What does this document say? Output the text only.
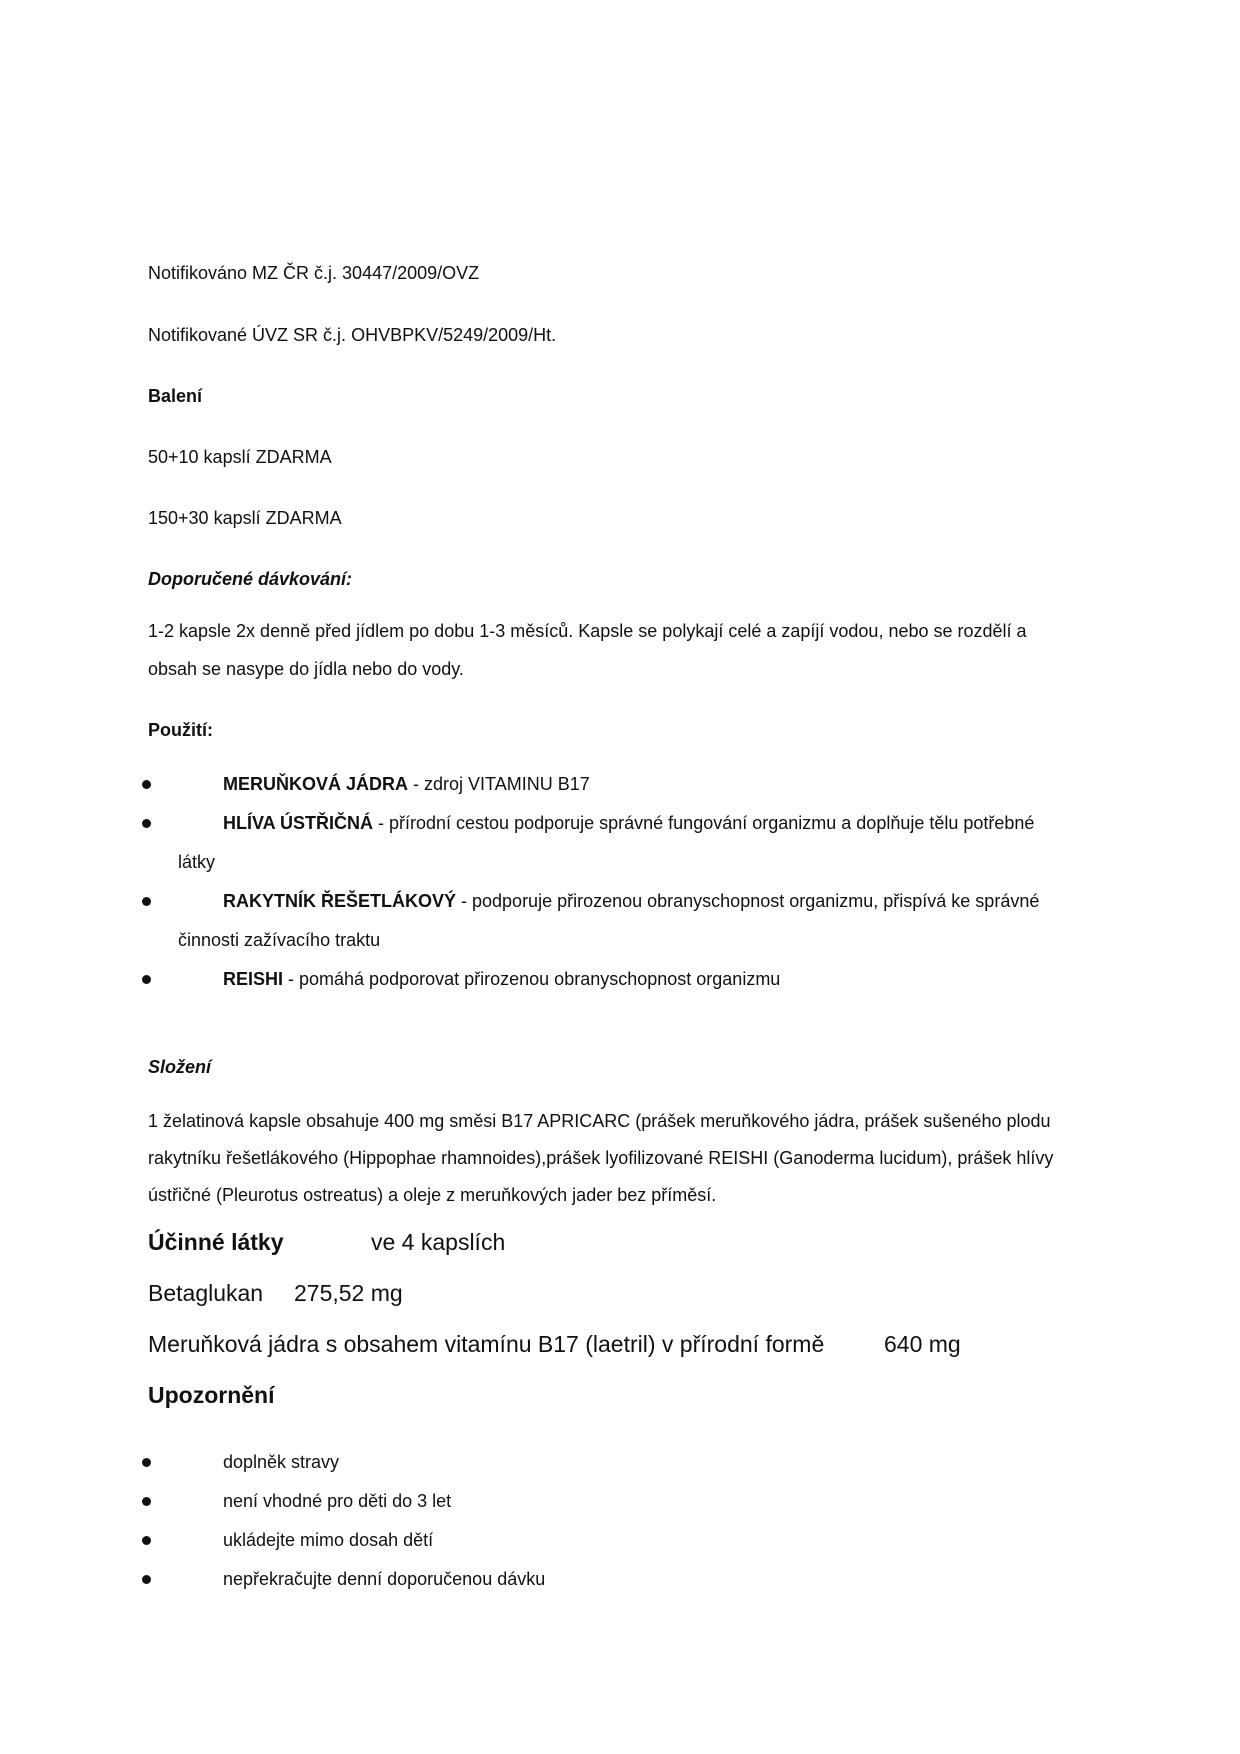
Notifikováno MZ ČR č.j. 30447/2009/OVZ
Notifikované ÚVZ SR č.j. OHVBPKV/5249/2009/Ht.
Balení
50+10 kapslí ZDARMA
150+30 kapslí ZDARMA
Doporučené dávkování:
1-2 kapsle 2x denně před jídlem po dobu 1-3 měsíců. Kapsle se polykají celé a zapíjí vodou, nebo se rozdělí a
obsah se nasype do jídla nebo do vody.
Použití:
MERUŇKOVÁ JÁDRA - zdroj VITAMINU B17
HLÍVA ÚSTŘIČNÁ - přírodní cestou podporuje správné fungování organizmu a doplňuje tělu potřebné
látky
RAKYTNÍK ŘEŠETLÁKOVÝ - podporuje přirozenou obranyschopnost organizmu, přispívá ke správné
činnosti zažívacího traktu
REISHI - pomáhá podporovat přirozenou obranyschopnost organizmu
Složení
1 želatinová kapsle obsahuje 400 mg směsi B17 APRICARC (prášek meruňkového jádra, prášek sušeného plodu
rakytníku řešetlákového (Hippophae rhamnoides),prášek lyofilizované REISHI (Ganoderma lucidum), prášek hlívy
ústřičné (Pleurotus ostreatus) a oleje z meruňkových jader bez příměsí.
Účinné látky	ve 4 kapslích
Betaglukan 275,52 mg
Meruňková jádra s obsahem vitamínu B17 (laetril) v přírodní formě	640 mg
Upozornění
doplněk stravy
není vhodné pro děti do 3 let
ukládejte mimo dosah dětí
nepřekračujte denní doporučenou dávku
